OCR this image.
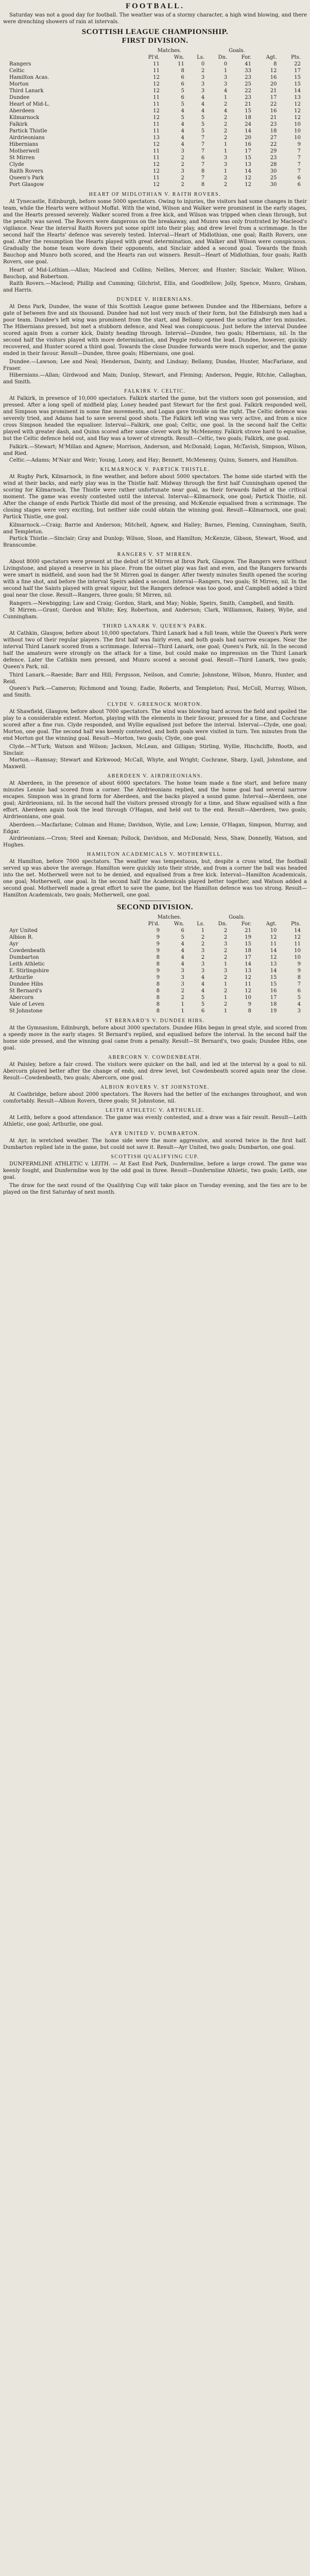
FOOTBALL.

Saturday was not a good day for football. The weather was of a stormy character, a high wind blowing, and there were drenching showers of rain at intervals.

SCOTTISH LEAGUE CHAMPIONSHIP.
FIRST DIVISION.
Matches.	Goals.
	Pl'd.	Wn.	Ls.	Dn.	For.	Agt.	Pts.
Rangers	11	11	0	0	41	8	22
Celtic	11	8	2	1	33	12	17
Hamilton Acas.	12	6	3	3	23	16	15
Morton	12	6	3	3	25	20	15
Third Lanark	12	5	3	4	22	21	14
Dundee	11	6	4	1	23	17	13
Heart of Mid-L.	11	5	4	2	21	22	12
Aberdeen	12	4	4	4	15	16	12
Kilmarnock	12	5	5	2	18	21	12
Falkirk	11	4	5	2	24	23	10
Partick Thistle	11	4	5	2	14	18	10
Airdrieonians	13	4	7	2	20	27	10
Hibernians	12	4	7	1	16	22	9
Motherwell	11	3	7	1	17	29	7
St Mirren	11	2	6	3	15	23	7
Clyde	12	2	7	3	13	28	7
Raith Rovers	12	3	8	1	14	30	7
Queen's Park	11	2	7	2	12	25	6
Port Glasgow	12	2	8	2	12	30	6
HEART OF MIDLOTHIAN V. RAITH ROVERS.

At Tynecastle, Edinburgh, before some 5000 spectators. Owing to injuries, the visitors had some changes in their team, while the Hearts were without Moffat. With the wind, Wilson and Walker were prominent in the early stages, and the Hearts pressed severely. Walker scored from a free kick, and Wilson was tripped when clean through, but the penalty was saved. The Rovers were dangerous on the breakaway, and Munro was only frustrated by Macleod's vigilance. Near the interval Raith Rovers put some spirit into their play, and drew level from a scrimmage. In the second half the Hearts' defence was severely tested. Interval—Heart of Midlothian, one goal; Raith Rovers, one goal. After the resumption the Hearts played with great determination, and Walker and Wilson were conspicuous. Gradually the home team wore down their opponents, and Sinclair added a second goal. Towards the finish Bauchop and Munro both scored, and the Hearts ran out winners. Result—Heart of Midlothian, four goals; Raith Rovers, one goal.

Heart of Mid-Lothian.—Allan; Macleod and Collins; Nellies, Mercer, and Hunter; Sinclair, Walker, Wilson, Bauchop, and Robertson.

Raith Rovers.—Macleod; Phillip and Cumming; Gilchrist, Ellis, and Goodfellow; Jolly, Spence, Munro, Graham, and Harris.

DUNDEE V. HIBERNIANS.

At Dens Park, Dundee, the wane of this Scottish League game between Dundee and the Hibernians, before a gate of between five and six thousand. Dundee had not lost very much of their form, but the Edinburgh men had a poor team. Dundee's left wing was prominent from the start, and Bellamy opened the scoring after ten minutes. The Hibernians pressed, but met a stubborn defence, and Neal was conspicuous. Just before the interval Dundee scored again from a corner kick, Dainty heading through. Interval—Dundee, two goals; Hibernians, nil. In the second half the visitors played with more determination, and Peggie reduced the lead. Dundee, however, quickly recovered, and Hunter scored a third goal. Towards the close Dundee forwards were much superior, and the game ended in their favour. Result—Dundee, three goals; Hibernians, one goal.

Dundee.—Lawson; Lee and Neal; Henderson, Dainty, and Lindsay; Bellamy, Dundas, Hunter, MacFarlane, and Fraser.

Hibernians.—Allan; Girdwood and Main; Dunlop, Stewart, and Fleming; Anderson, Peggie, Ritchie, Callaghan, and Smith.

FALKIRK V. CELTIC.

At Falkirk, in presence of 10,000 spectators. Falkirk started the game, but the visitors soon got possession, and pressed. After a long spell of midfield play, Loney headed past Stewart for the first goal. Falkirk responded well, and Simpson was prominent in some fine movements, and Logan gave trouble on the right. The Celtic defence was severely tried, and Adams had to save several good shots. The Falkirk left wing was very active, and from a nice cross Simpson headed the equaliser. Interval—Falkirk, one goal; Celtic, one goal. In the second half the Celtic played with greater dash, and Quinn scored after some clever work by McMenemy. Falkirk strove hard to equalise, but the Celtic defence held out, and Hay was a tower of strength. Result—Celtic, two goals; Falkirk, one goal.

Falkirk.—Stewart; M'Millan and Agnew; Morrison, Anderson, and McDonald; Logan, McTavish, Simpson, Wilson, and Ried.

Celtic.—Adams; M'Nair and Weir; Young, Loney, and Hay; Bennett, McMenemy, Quinn, Somers, and Hamilton.

KILMARNOCK V. PARTICK THISTLE.

At Rugby Park, Kilmarnock, in fine weather, and before about 5000 spectators. The home side started with the wind at their backs, and early play was in the Thistle half. Midway through the first half Cunningham opened the scoring for Kilmarnock. The Thistle were rather unfortunate near goal, as their forwards failed at the critical moment. The game was evenly contested until the interval. Interval—Kilmarnock, one goal; Partick Thistle, nil. After the change of ends Partick Thistle did most of the pressing, and McKenzie equalised from a scrimmage. The closing stages were very exciting, but neither side could obtain the winning goal. Result—Kilmarnock, one goal; Partick Thistle, one goal.

Kilmarnock.—Craig; Barrie and Anderson; Mitchell, Agnew, and Halley; Barnes, Fleming, Cunningham, Smith, and Templeton.

Partick Thistle.—Sinclair; Gray and Dunlop; Wilson, Sloan, and Hamilton; McKenzie, Gibson, Stewart, Wood, and Branscombe.

RANGERS V. ST MIRREN.

About 8000 spectators were present at the debut of St Mirren at Ibrox Park, Glasgow. The Rangers were without Livingstone, and played a reserve in his place. From the outset play was fast and even, and the Rangers forwards were smart in midfield, and soon had the St Mirren goal in danger. After twenty minutes Smith opened the scoring with a fine shot, and before the interval Speirs added a second. Interval—Rangers, two goals; St Mirren, nil. In the second half the Saints played with great vigour, but the Rangers defence was too good, and Campbell added a third goal near the close. Result—Rangers, three goals; St Mirren, nil.

Rangers.—Newbigging; Law and Craig; Gordon, Stark, and May; Noble, Speirs, Smith, Campbell, and Smith.

St Mirren.—Grant; Gordon and White; Key, Robertson, and Anderson; Clark, Williamson, Rainey, Wylie, and Cunningham.

THIRD LANARK V. QUEEN'S PARK.

At Cathkin, Glasgow, before about 10,000 spectators. Third Lanark had a full team, while the Queen's Park were without two of their regular players. The first half was fairly even, and both goals had narrow escapes. Near the interval Third Lanark scored from a scrimmage. Interval—Third Lanark, one goal; Queen's Park, nil. In the second half the amateurs were strongly on the attack for a time, but could make no impression on the Third Lanark defence. Later the Cathkin men pressed, and Munro scored a second goal. Result—Third Lanark, two goals; Queen's Park, nil.

Third Lanark.—Raeside; Barr and Hill; Ferguson, Neilson, and Comrie; Johnstone, Wilson, Munro, Hunter, and Reid.

Queen's Park.—Cameron; Richmond and Young; Eadie, Roberts, and Templeton; Paul, McColl, Murray, Wilson, and Smith.

CLYDE V. GREENOCK MORTON.

At Shawfield, Glasgow, before about 7000 spectators. The wind was blowing hard across the field and spoiled the play to a considerable extent. Morton, playing with the elements in their favour, pressed for a time, and Cochrane scored after a fine run. Clyde responded, and Wyllie equalised just before the interval. Interval—Clyde, one goal; Morton, one goal. The second half was keenly contested, and both goals were visited in turn. Ten minutes from the end Morton got the winning goal. Result—Morton, two goals; Clyde, one goal.

Clyde.—M'Turk; Watson and Wilson; Jackson, McLean, and Gilligan; Stirling, Wyllie, Hinchcliffe, Booth, and Sinclair.

Morton.—Ramsay; Stewart and Kirkwood; McCall, Whyte, and Wright; Cochrane, Sharp, Lyall, Johnstone, and Maxwell.

ABERDEEN V. AIRDRIEONIANS.

At Aberdeen, in the presence of about 6000 spectators. The home team made a fine start, and before many minutes Lennie had scored from a corner. The Airdrieonians replied, and the home goal had several narrow escapes. Simpson was in grand form for Aberdeen, and the backs played a sound game. Interval—Aberdeen, one goal; Airdrieonians, nil. In the second half the visitors pressed strongly for a time, and Shaw equalised with a fine effort. Aberdeen again took the lead through O'Hagan, and held out to the end. Result—Aberdeen, two goals; Airdrieonians, one goal.

Aberdeen.—Macfarlane; Colman and Hume; Davidson, Wylie, and Low; Lennie, O'Hagan, Simpson, Murray, and Edgar.

Airdrieonians.—Cross; Steel and Keenan; Pollock, Davidson, and McDonald; Ness, Shaw, Donnelly, Watson, and Hughes.

HAMILTON ACADEMICALS V. MOTHERWELL.

At Hamilton, before 7000 spectators. The weather was tempestuous, but, despite a cross wind, the football served up was above the average. Hamilton were quickly into their stride, and from a corner the ball was headed into the net. Motherwell were not to be denied, and equalised from a free kick. Interval—Hamilton Academicals, one goal; Motherwell, one goal. In the second half the Academicals played better together, and Watson added a second goal. Motherwell made a great effort to save the game, but the Hamilton defence was too strong. Result—Hamilton Academicals, two goals; Motherwell, one goal.

SECOND DIVISION.
Matches.	Goals.
	Pl'd.	Wn.	Ls.	Dn.	For.	Agt.	Pts.
Ayr United	9	6	1	2	21	10	14
Albion R.	9	5	2	2	19	12	12
Ayr	9	4	2	3	15	11	11
Cowdenbeath	9	4	3	2	18	14	10
Dumbarton	8	4	2	2	17	12	10
Leith Athletic	8	4	3	1	14	13	9
E. Stirlingshire	9	3	3	3	13	14	9
Arthurlie	9	3	4	2	12	15	8
Dundee Hibs	8	3	4	1	11	15	7
St Bernard's	8	2	4	2	12	16	6
Abercorn	8	2	5	1	10	17	5
Vale of Leven	8	1	5	2	9	18	4
St Johnstone	8	1	6	1	8	19	3
ST BERNARD'S V. DUNDEE HIBS.

At the Gymnasium, Edinburgh, before about 3000 spectators. Dundee Hibs began in great style, and scored from a speedy move in the early stages. St Bernard's replied, and equalised before the interval. In the second half the home side pressed, and the winning goal came from a penalty. Result—St Bernard's, two goals; Dundee Hibs, one goal.

ABERCORN V. COWDENBEATH.

At Paisley, before a fair crowd. The visitors were quicker on the ball, and led at the interval by a goal to nil. Abercorn played better after the change of ends, and drew level, but Cowdenbeath scored again near the close. Result—Cowdenbeath, two goals; Abercorn, one goal.

ALBION ROVERS V. ST JOHNSTONE.

At Coatbridge, before about 2000 spectators. The Rovers had the better of the exchanges throughout, and won comfortably. Result—Albion Rovers, three goals; St Johnstone, nil.

LEITH ATHLETIC V. ARTHURLIE.

At Leith, before a good attendance. The game was evenly contested, and a draw was a fair result. Result—Leith Athletic, one goal; Arthurlie, one goal.

AYR UNITED V. DUMBARTON.

At Ayr, in wretched weather. The home side were the more aggressive, and scored twice in the first half. Dumbarton replied late in the game, but could not save it. Result—Ayr United, two goals; Dumbarton, one goal.

SCOTTISH QUALIFYING CUP.

DUNFERMLINE ATHLETIC v. LEITH. — At East End Park, Dunfermline, before a large crowd. The game was keenly fought, and Dunfermline won by the odd goal in three. Result—Dunfermline Athletic, two goals; Leith, one goal.

The draw for the next round of the Qualifying Cup will take place on Tuesday evening, and the ties are to be played on the first Saturday of next month.
